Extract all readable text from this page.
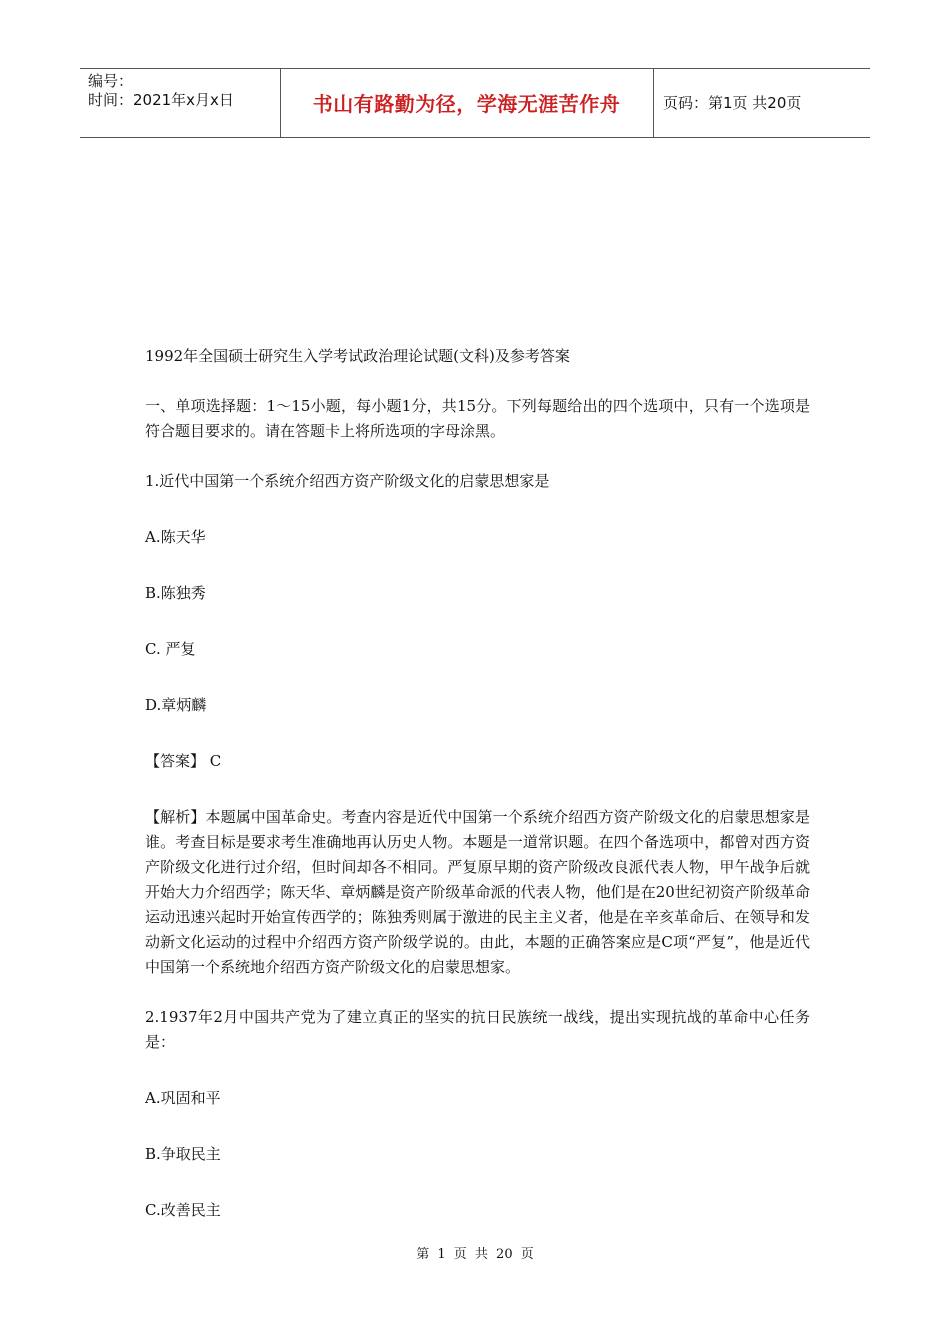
编号：
时间：2021年x月x日	书山有路勤为径，学海无涯苦作舟	页码：第1页 共20页

1992年全国硕士研究生入学考试政治理论试题(文科)及参考答案

一、单项选择题：1～15小题，每小题1分，共15分。下列每题给出的四个选项中，只有一个选项是符合题目要求的。请在答题卡上将所选项的字母涂黑。

1.近代中国第一个系统介绍西方资产阶级文化的启蒙思想家是

A.陈天华

B.陈独秀

C. 严复

D.章炳麟

【答案】 C

【解析】本题属中国革命史。考查内容是近代中国第一个系统介绍西方资产阶级文化的启蒙思想家是谁。考查目标是要求考生准确地再认历史人物。本题是一道常识题。在四个备选项中，都曾对西方资产阶级文化进行过介绍，但时间却各不相同。严复原早期的资产阶级改良派代表人物，甲午战争后就开始大力介绍西学；陈天华、章炳麟是资产阶级革命派的代表人物，他们是在20世纪初资产阶级革命运动迅速兴起时开始宣传西学的；陈独秀则属于激进的民主主义者，他是在辛亥革命后、在领导和发动新文化运动的过程中介绍西方资产阶级学说的。由此，本题的正确答案应是C项“严复”，他是近代中国第一个系统地介绍西方资产阶级文化的启蒙思想家。

2.1937年2月中国共产党为了建立真正的坚实的抗日民族统一战线，提出实现抗战的革命中心任务是：

A.巩固和平

B.争取民主

C.改善民主

第 1 页 共 20 页
